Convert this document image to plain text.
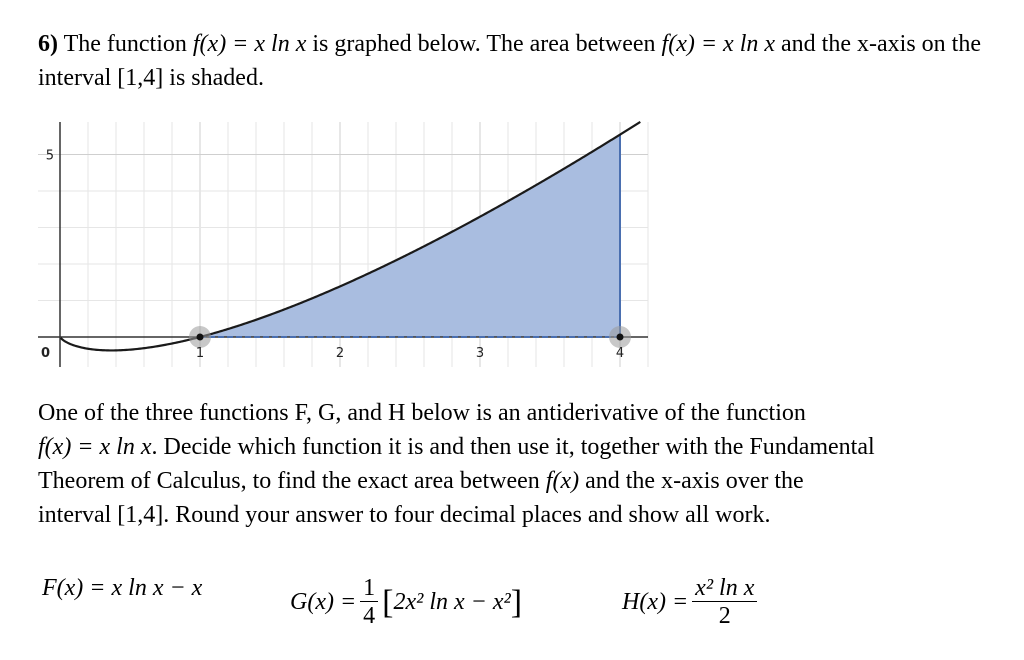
6) The function f(x) = x ln x is graphed below. The area between f(x) = x ln x and the x-axis on the interval [1,4] is shaded.
1	2	3	4
5
0
One of the three functions F, G, and H below is an antiderivative of the function
f(x) = x ln x. Decide which function it is and then use it, together with the Fundamental
Theorem of Calculus, to find the exact area between f(x) and the x-axis over the
interval [1,4]. Round your answer to four decimal places and show all work.
F(x) = x ln x − x
$G(x) = \frac{1}{4}$ [ 2x² ln x − x² ]	$H(x) = \frac{\text{x² ln x}}{2}$
